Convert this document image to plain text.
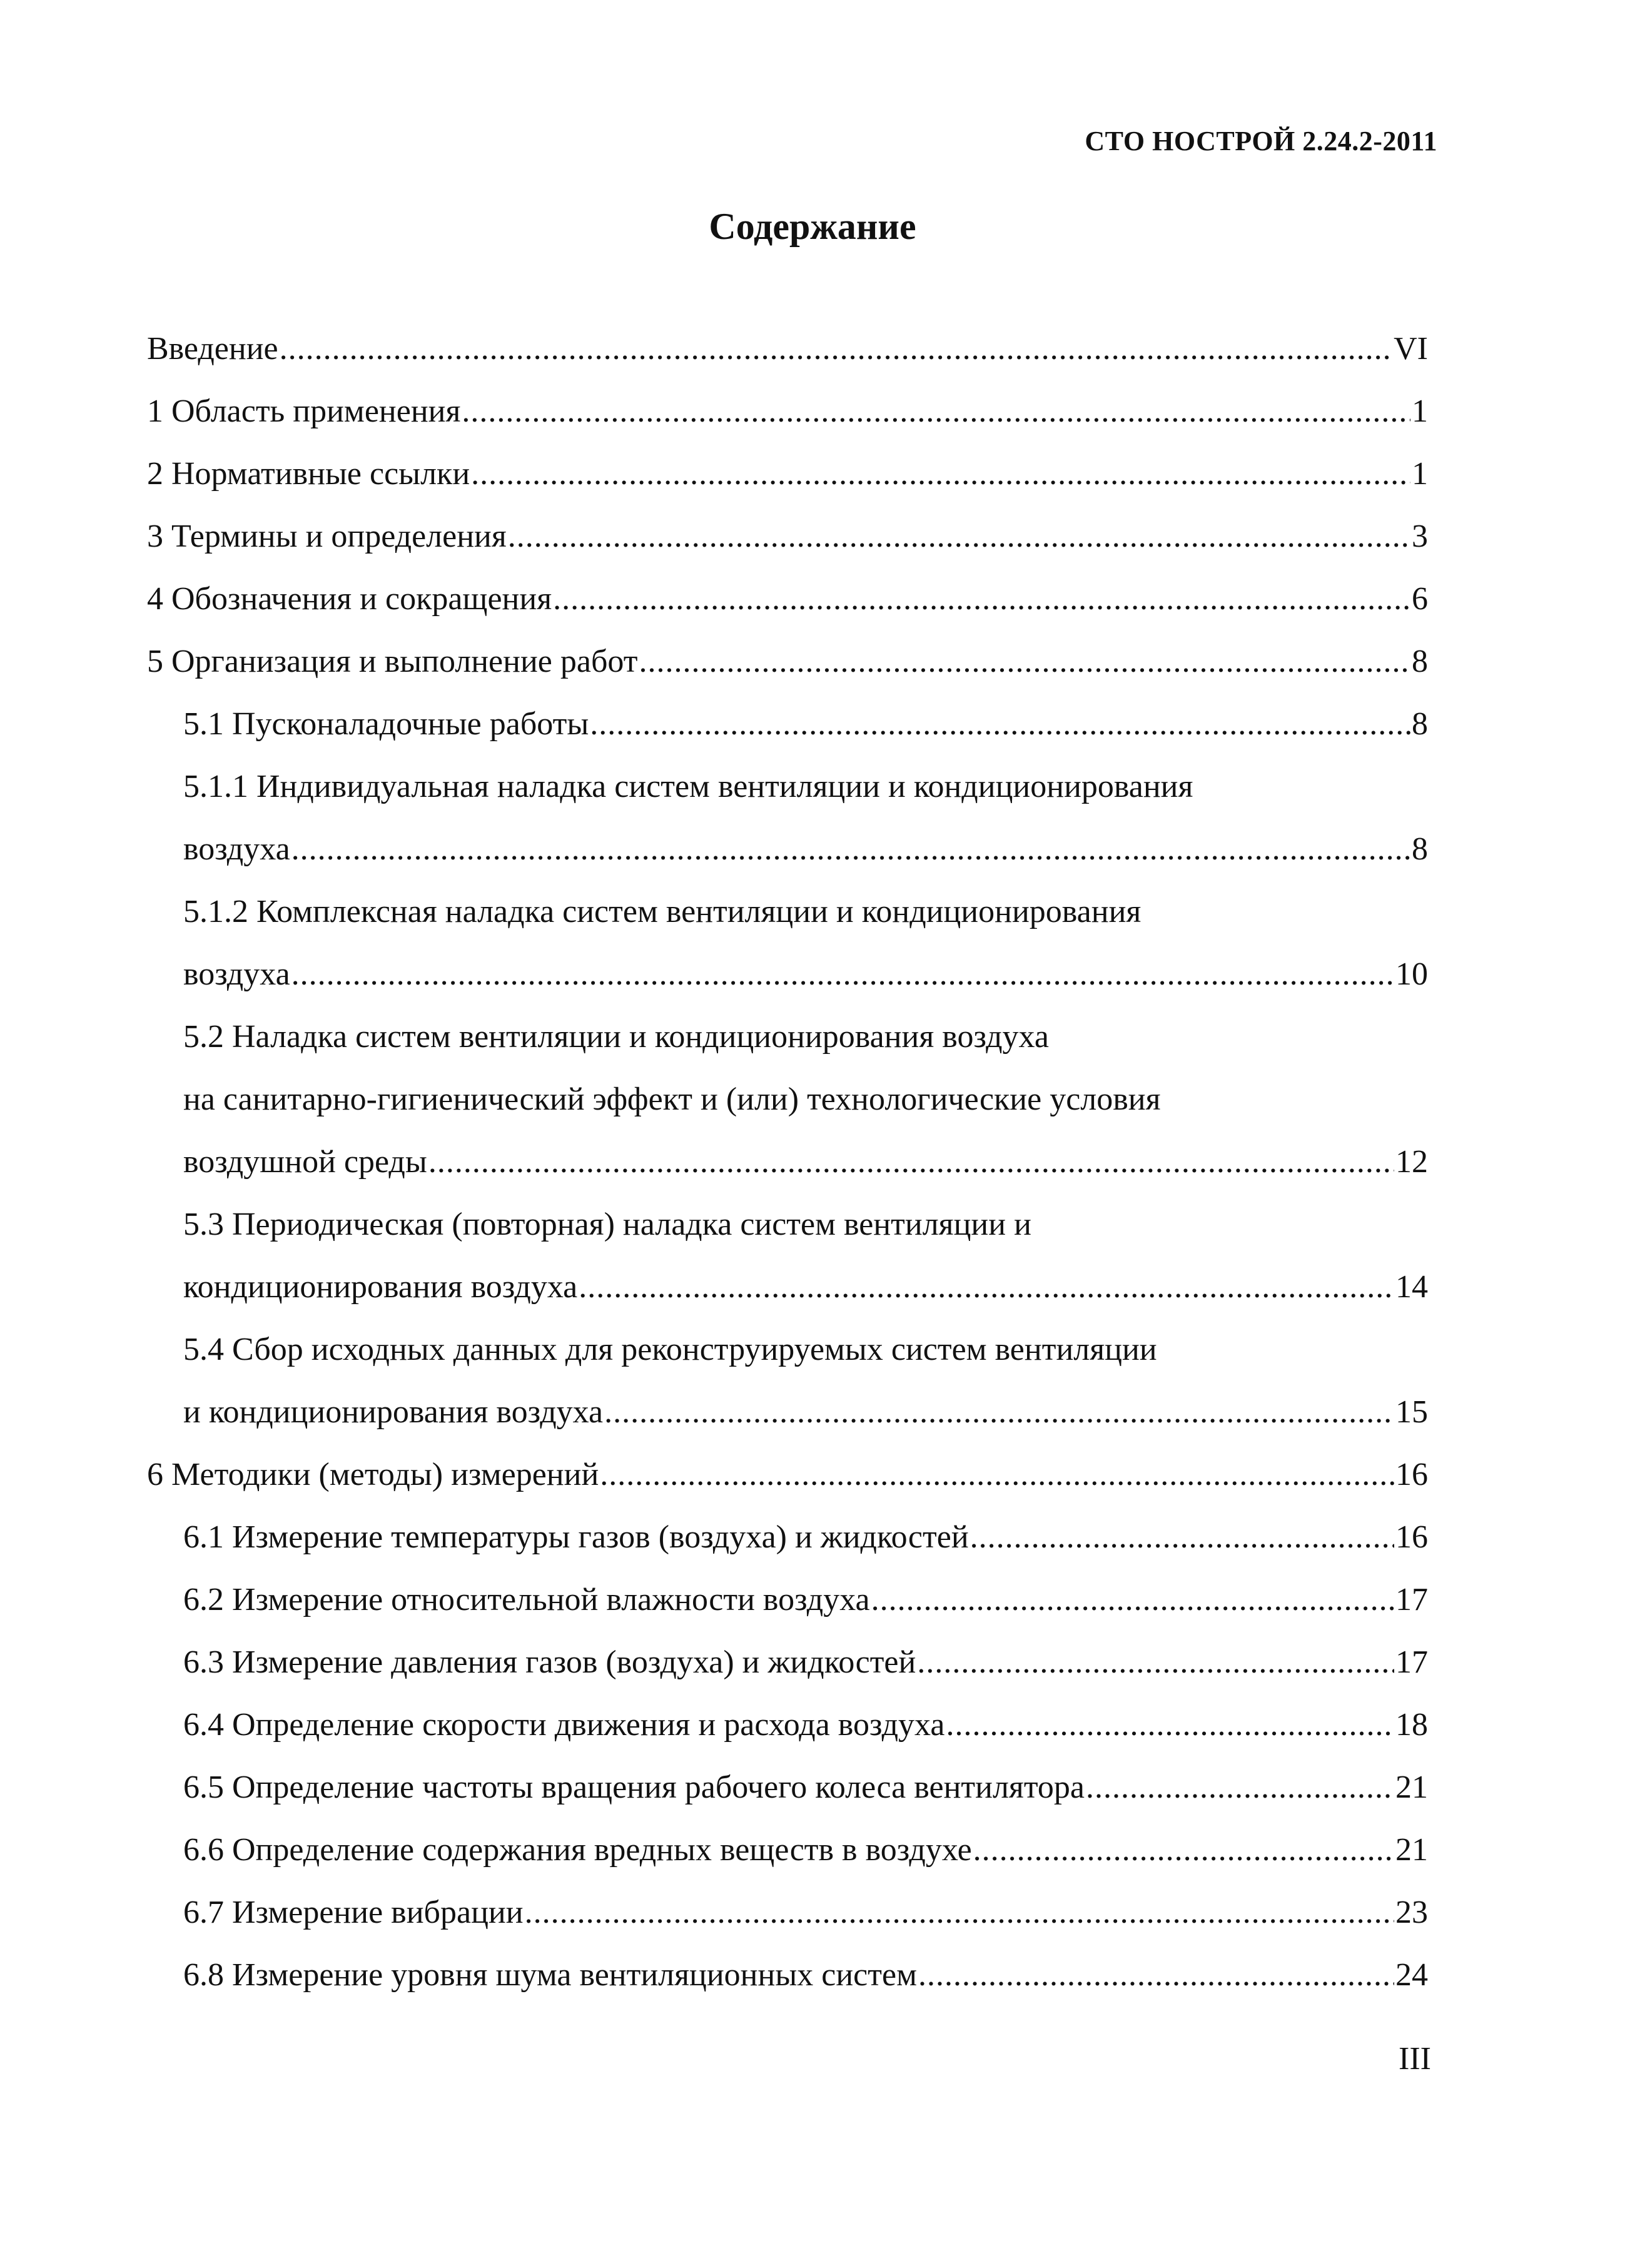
СТО НОСТРОЙ 2.24.2-2011
Содержание
Введение .....	VI
1 Область применения .....	1
2 Нормативные ссылки .....	1
3 Термины и определения .....	3
4 Обозначения и сокращения .....	6
5 Организация и выполнение работ .....	8
5.1 Пусконаладочные работы .....	8
5.1.1 Индивидуальная наладка систем вентиляции и кондиционирования
воздуха .....	8
5.1.2 Комплексная наладка систем вентиляции и кондиционирования
воздуха .....	10
5.2 Наладка систем вентиляции и кондиционирования воздуха
на санитарно-гигиенический эффект и (или) технологические условия
воздушной среды .....	12
5.3 Периодическая (повторная) наладка систем вентиляции и
кондиционирования воздуха .....	14
5.4 Сбор исходных данных для реконструируемых систем вентиляции
и кондиционирования воздуха .....	15
6 Методики (методы) измерений .....	16
6.1 Измерение температуры газов (воздуха) и жидкостей .....	16
6.2 Измерение относительной влажности воздуха .....	17
6.3 Измерение давления газов (воздуха) и жидкостей .....	17
6.4 Определение скорости движения и расхода воздуха .....	18
6.5 Определение частоты вращения рабочего колеса вентилятора .....	21
6.6 Определение содержания вредных веществ в воздухе .....	21
6.7 Измерение вибрации .....	23
6.8 Измерение уровня шума вентиляционных систем .....	24
III
